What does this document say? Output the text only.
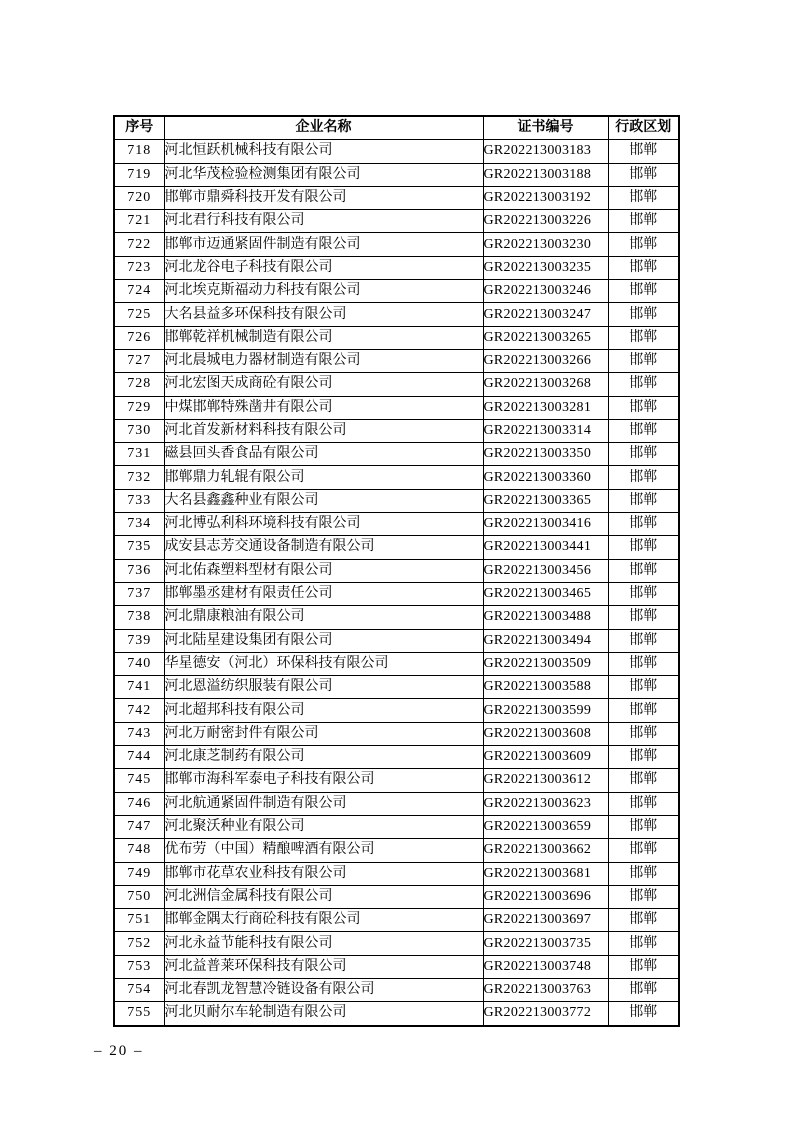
序号	企业名称	证书编号	行政区划
718	河北恒跃机械科技有限公司	GR202213003183	邯郸
719	河北华茂检验检测集团有限公司	GR202213003188	邯郸
720	邯郸市鼎舜科技开发有限公司	GR202213003192	邯郸
721	河北君行科技有限公司	GR202213003226	邯郸
722	邯郸市迈通紧固件制造有限公司	GR202213003230	邯郸
723	河北龙谷电子科技有限公司	GR202213003235	邯郸
724	河北埃克斯福动力科技有限公司	GR202213003246	邯郸
725	大名县益多环保科技有限公司	GR202213003247	邯郸
726	邯郸乾祥机械制造有限公司	GR202213003265	邯郸
727	河北晨城电力器材制造有限公司	GR202213003266	邯郸
728	河北宏图天成商砼有限公司	GR202213003268	邯郸
729	中煤邯郸特殊凿井有限公司	GR202213003281	邯郸
730	河北首发新材料科技有限公司	GR202213003314	邯郸
731	磁县回头香食品有限公司	GR202213003350	邯郸
732	邯郸鼎力轧辊有限公司	GR202213003360	邯郸
733	大名县鑫鑫种业有限公司	GR202213003365	邯郸
734	河北博弘利科环境科技有限公司	GR202213003416	邯郸
735	成安县志芳交通设备制造有限公司	GR202213003441	邯郸
736	河北佑森塑料型材有限公司	GR202213003456	邯郸
737	邯郸墨丞建材有限责任公司	GR202213003465	邯郸
738	河北鼎康粮油有限公司	GR202213003488	邯郸
739	河北陆星建设集团有限公司	GR202213003494	邯郸
740	华星德安（河北）环保科技有限公司	GR202213003509	邯郸
741	河北恩溢纺织服装有限公司	GR202213003588	邯郸
742	河北超邦科技有限公司	GR202213003599	邯郸
743	河北万耐密封件有限公司	GR202213003608	邯郸
744	河北康芝制药有限公司	GR202213003609	邯郸
745	邯郸市海科军泰电子科技有限公司	GR202213003612	邯郸
746	河北航通紧固件制造有限公司	GR202213003623	邯郸
747	河北聚沃种业有限公司	GR202213003659	邯郸
748	优布劳（中国）精酿啤酒有限公司	GR202213003662	邯郸
749	邯郸市花草农业科技有限公司	GR202213003681	邯郸
750	河北洲信金属科技有限公司	GR202213003696	邯郸
751	邯郸金隅太行商砼科技有限公司	GR202213003697	邯郸
752	河北永益节能科技有限公司	GR202213003735	邯郸
753	河北益普莱环保科技有限公司	GR202213003748	邯郸
754	河北春凯龙智慧冷链设备有限公司	GR202213003763	邯郸
755	河北贝耐尔车轮制造有限公司	GR202213003772	邯郸
– 20 –
